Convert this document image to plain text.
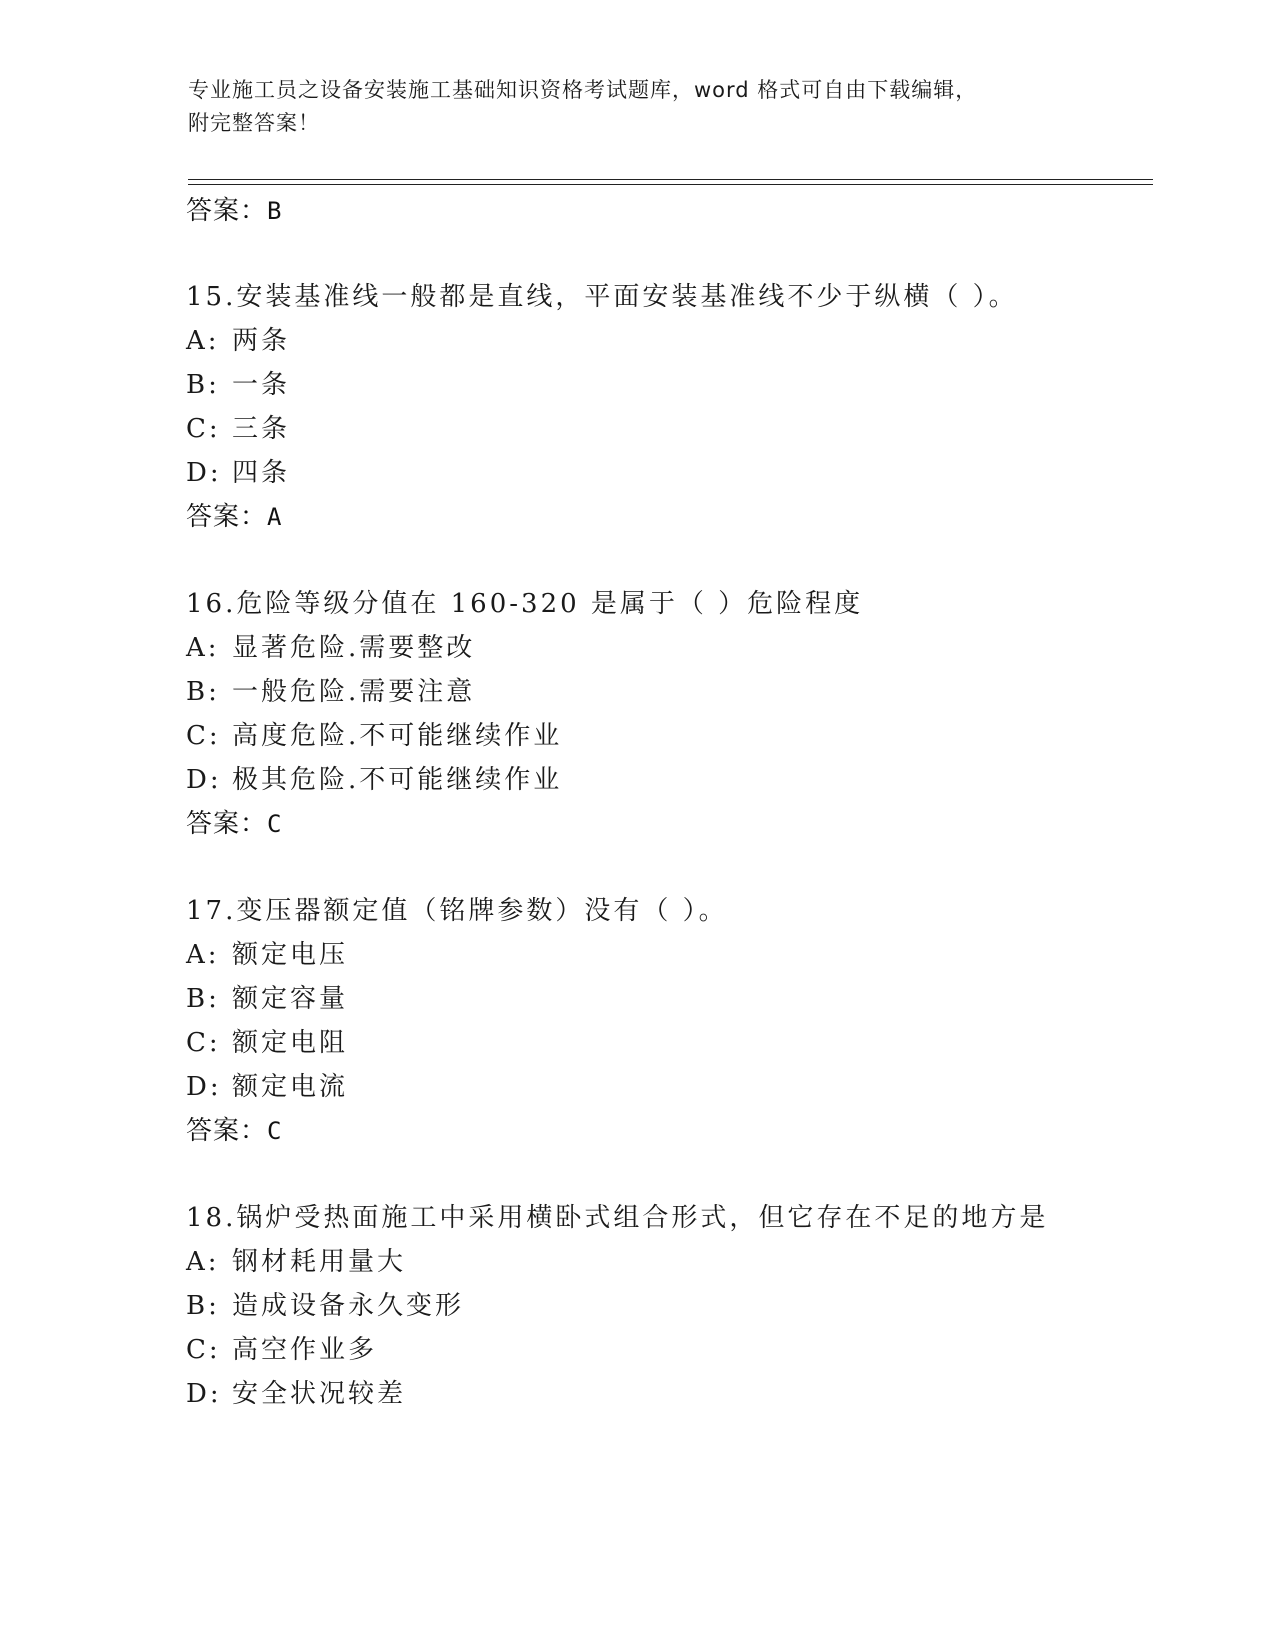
专业施工员之设备安装施工基础知识资格考试题库，word 格式可自由下载编辑，
附完整答案！
答案：B
15.安装基准线一般都是直线，平面安装基准线不少于纵横（ ）。
A: 两条
B: 一条
C: 三条
D: 四条
答案：A
16.危险等级分值在 160-320 是属于（ ）危险程度
A: 显著危险.需要整改
B: 一般危险.需要注意
C: 高度危险.不可能继续作业
D: 极其危险.不可能继续作业
答案：C
17.变压器额定值（铭牌参数）没有（ ）。
A: 额定电压
B: 额定容量
C: 额定电阻
D: 额定电流
答案：C
18.锅炉受热面施工中采用横卧式组合形式，但它存在不足的地方是
A: 钢材耗用量大
B: 造成设备永久变形
C: 高空作业多
D: 安全状况较差
